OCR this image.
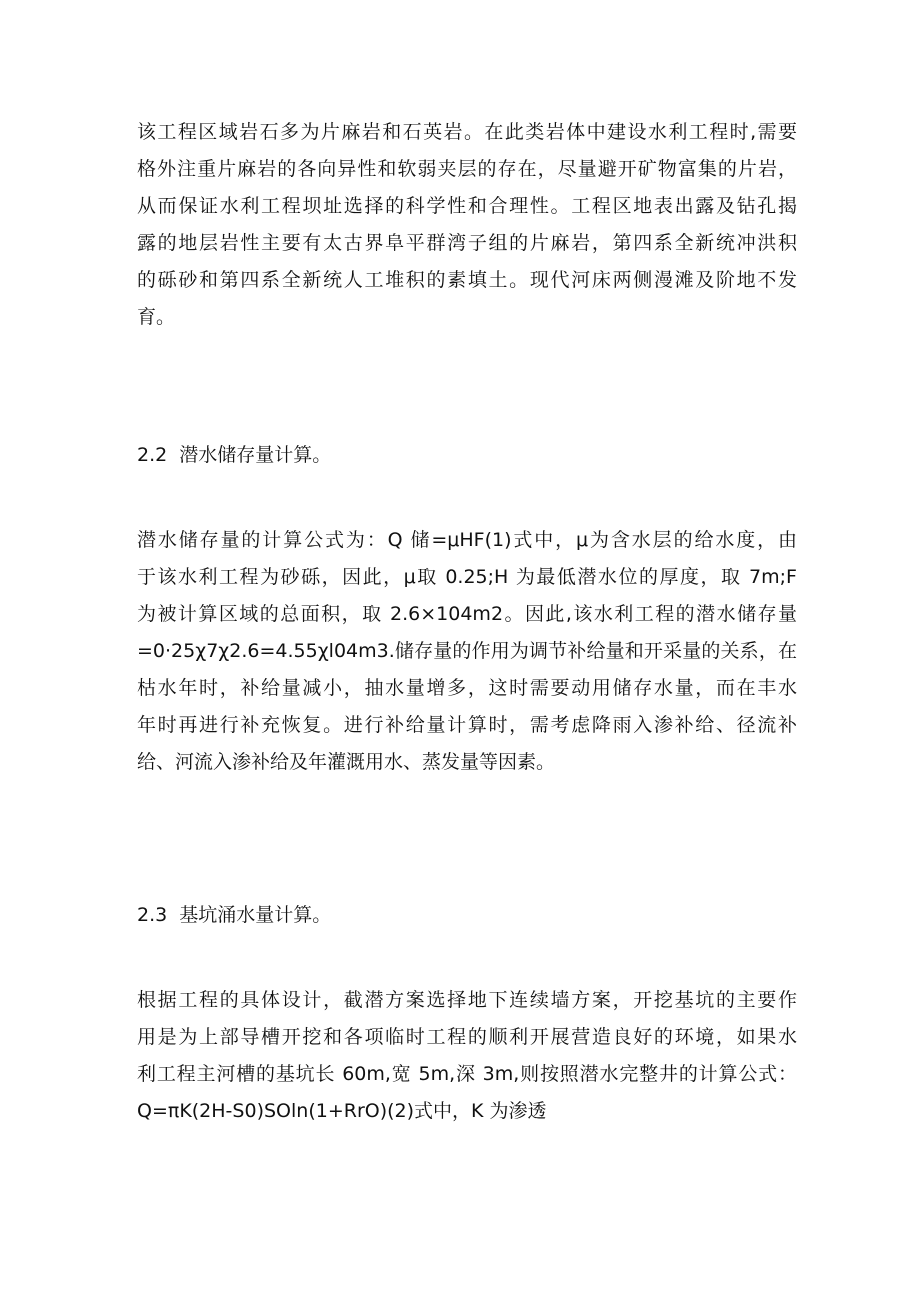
该工程区域岩石多为片麻岩和石英岩。在此类岩体中建设水利工程时,需要
格外注重片麻岩的各向异性和软弱夹层的存在，尽量避开矿物富集的片岩，
从而保证水利工程坝址选择的科学性和合理性。工程区地表出露及钻孔揭
露的地层岩性主要有太古界阜平群湾子组的片麻岩，第四系全新统冲洪积
的砾砂和第四系全新统人工堆积的素填土。现代河床两侧漫滩及阶地不发
育。
2.2 潜水储存量计算。
潜水储存量的计算公式为：Q 储=μHF(1)式中，μ为含水层的给水度，由
于该水利工程为砂砾，因此，μ取 0.25;H 为最低潜水位的厚度，取 7m;F
为被计算区域的总面积，取 2.6×104m2。因此,该水利工程的潜水储存量
=0·25χ7χ2.6=4.55χl04m3.储存量的作用为调节补给量和开采量的关系，在
枯水年时，补给量减小，抽水量增多，这时需要动用储存水量，而在丰水
年时再进行补充恢复。进行补给量计算时，需考虑降雨入渗补给、径流补
给、河流入渗补给及年灌溉用水、蒸发量等因素。
2.3 基坑涌水量计算。
根据工程的具体设计，截潜方案选择地下连续墙方案，开挖基坑的主要作
用是为上部导槽开挖和各项临时工程的顺利开展营造良好的环境，如果水
利工程主河槽的基坑长 60m,宽 5m,深 3m,则按照潜水完整井的计算公式：
Q=πK(2H-S0)SOln(1+RrO)(2)式中，K 为渗透
